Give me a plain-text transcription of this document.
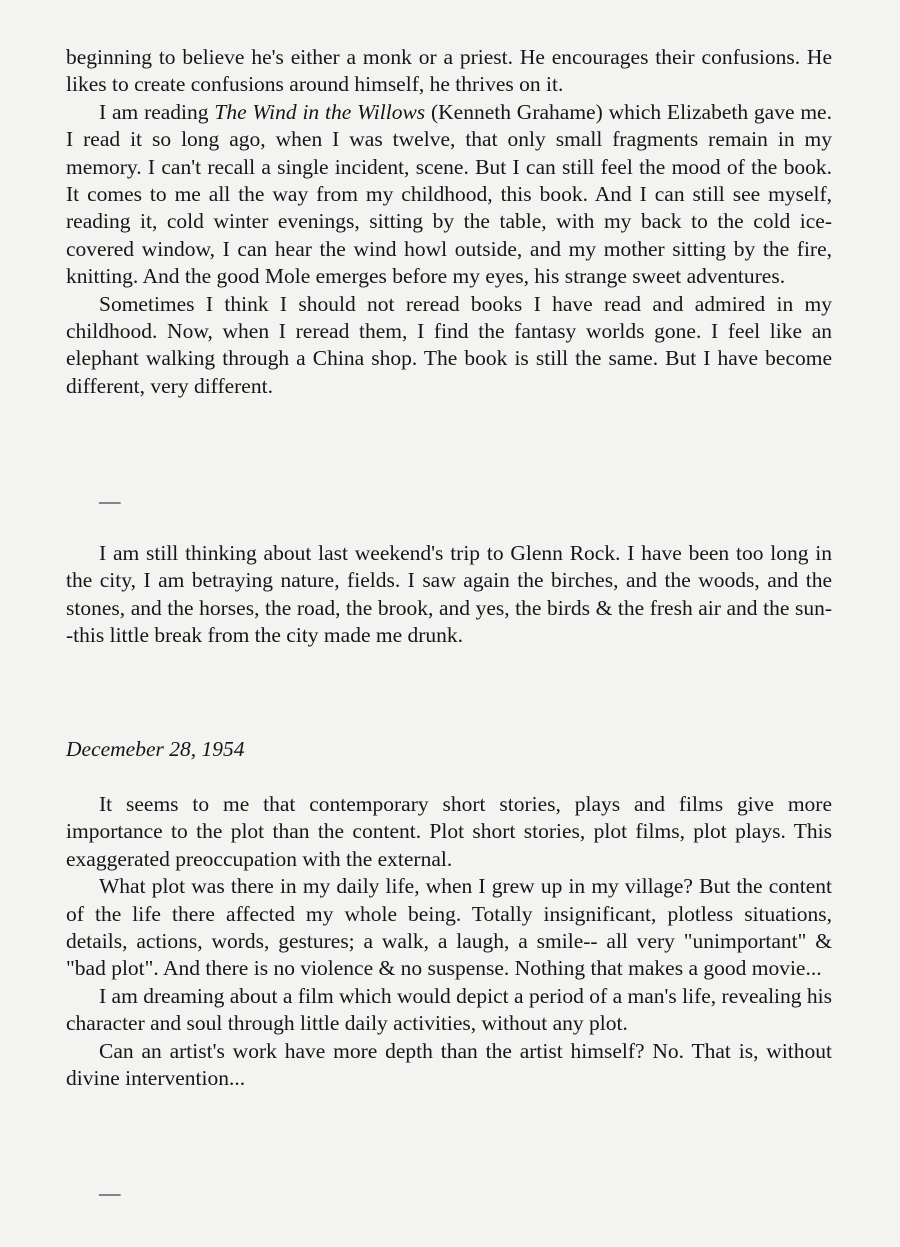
beginning to believe he's either a monk or a priest. He encourages their confusions. He likes to create confusions around himself, he thrives on it.

I am reading The Wind in the Willows (Kenneth Grahame) which Elizabeth gave me. I read it so long ago, when I was twelve, that only small fragments remain in my memory. I can't recall a single incident, scene. But I can still feel the mood of the book. It comes to me all the way from my childhood, this book. And I can still see myself, reading it, cold winter evenings, sitting by the table, with my back to the cold ice-covered window, I can hear the wind howl outside, and my mother sitting by the fire, knitting. And the good Mole emerges before my eyes, his strange sweet adventures.

Sometimes I think I should not reread books I have read and admired in my childhood. Now, when I reread them, I find the fantasy worlds gone. I feel like an elephant walking through a China shop. The book is still the same. But I have become different, very different.

—

I am still thinking about last weekend's trip to Glenn Rock. I have been too long in the city, I am betraying nature, fields. I saw again the birches, and the woods, and the stones, and the horses, the road, the brook, and yes, the birds & the fresh air and the sun--this little break from the city made me drunk.

Decemeber 28, 1954

It seems to me that contemporary short stories, plays and films give more importance to the plot than the content. Plot short stories, plot films, plot plays. This exaggerated preoccupation with the external.

What plot was there in my daily life, when I grew up in my village? But the content of the life there affected my whole being. Totally insignificant, plotless situations, details, actions, words, gestures; a walk, a laugh, a smile-- all very "unimportant" & "bad plot". And there is no violence & no suspense. Nothing that makes a good movie...

I am dreaming about a film which would depict a period of a man's life, revealing his character and soul through little daily activities, without any plot.

Can an artist's work have more depth than the artist himself? No. That is, without divine intervention...

—
